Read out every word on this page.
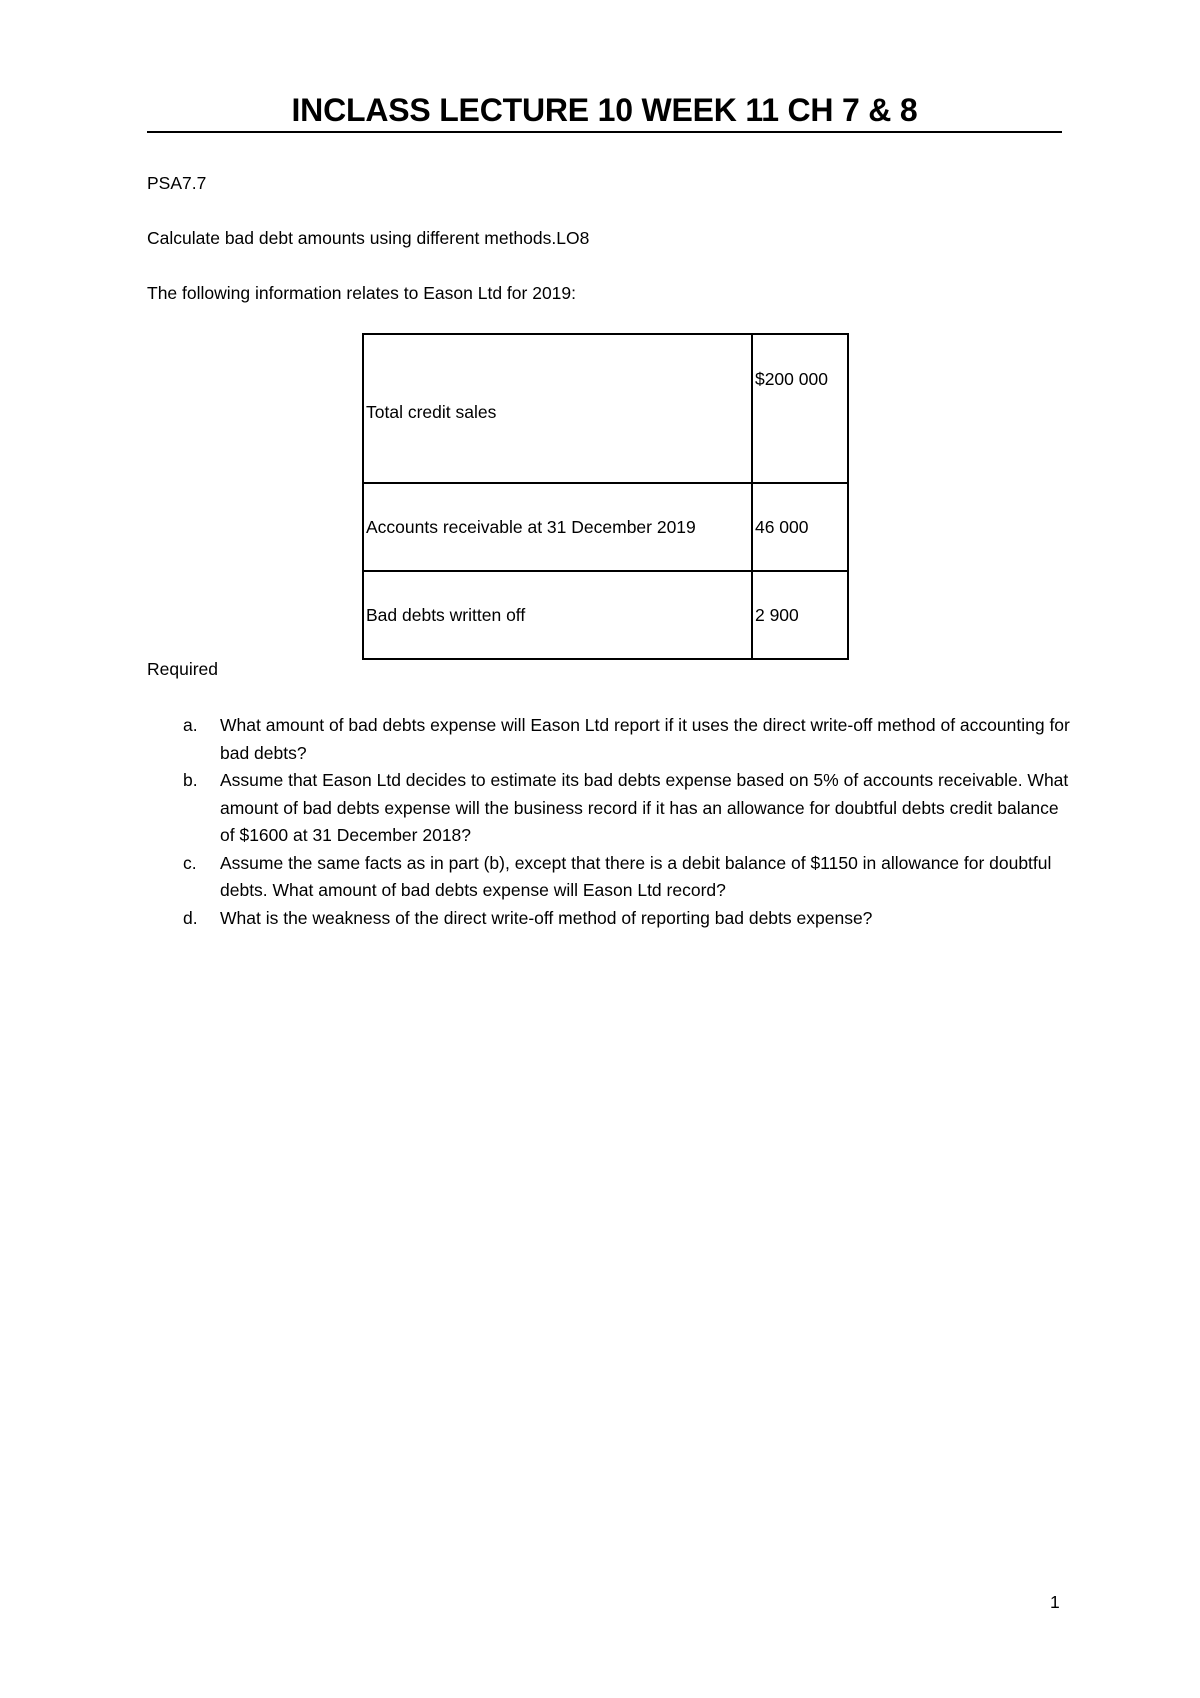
INCLASS LECTURE 10 WEEK 11 CH 7 & 8
PSA7.7
Calculate bad debt amounts using different methods.LO8
The following information relates to Eason Ltd for 2019:
Total credit sales	$200 000
Accounts receivable at 31 December 2019	46 000
Bad debts written off	2 900
Required
a. What amount of bad debts expense will Eason Ltd report if it uses the direct write-off method of accounting for bad debts?
b. Assume that Eason Ltd decides to estimate its bad debts expense based on 5% of accounts receivable. What amount of bad debts expense will the business record if it has an allowance for doubtful debts credit balance of $1600 at 31 December 2018?
c. Assume the same facts as in part (b), except that there is a debit balance of $1150 in allowance for doubtful debts. What amount of bad debts expense will Eason Ltd record?
d. What is the weakness of the direct write-off method of reporting bad debts expense?
1
